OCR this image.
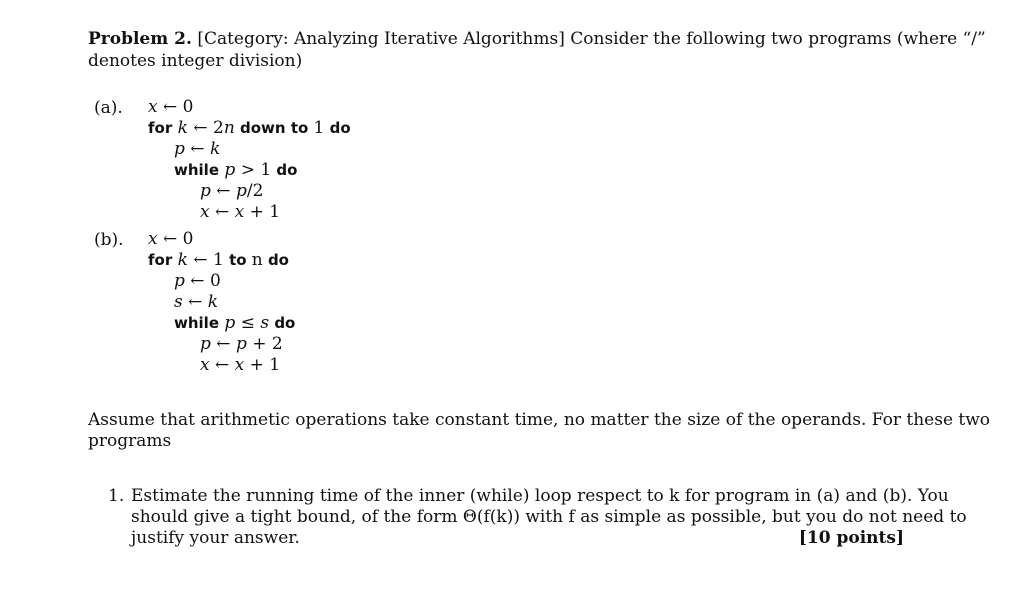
Problem 2. [Category: Analyzing Iterative Algorithms] Consider the following two programs (where “/”
denotes integer division)
(a). x ← 0
for k ← 2n down to 1 do
p ← k
while p > 1 do
p ← p/2
x ← x + 1
(b). x ← 0
for k ← 1 to n do
p ← 0
s ← k
while p ≤ s do
p ← p + 2
x ← x + 1
Assume that arithmetic operations take constant time, no matter the size of the operands. For these two
programs
1. Estimate the running time of the inner (while) loop respect to k for program in (a) and (b). You
should give a tight bound, of the form Θ(f(k)) with f as simple as possible, but you do not need to
justify your answer.	[10 points]
